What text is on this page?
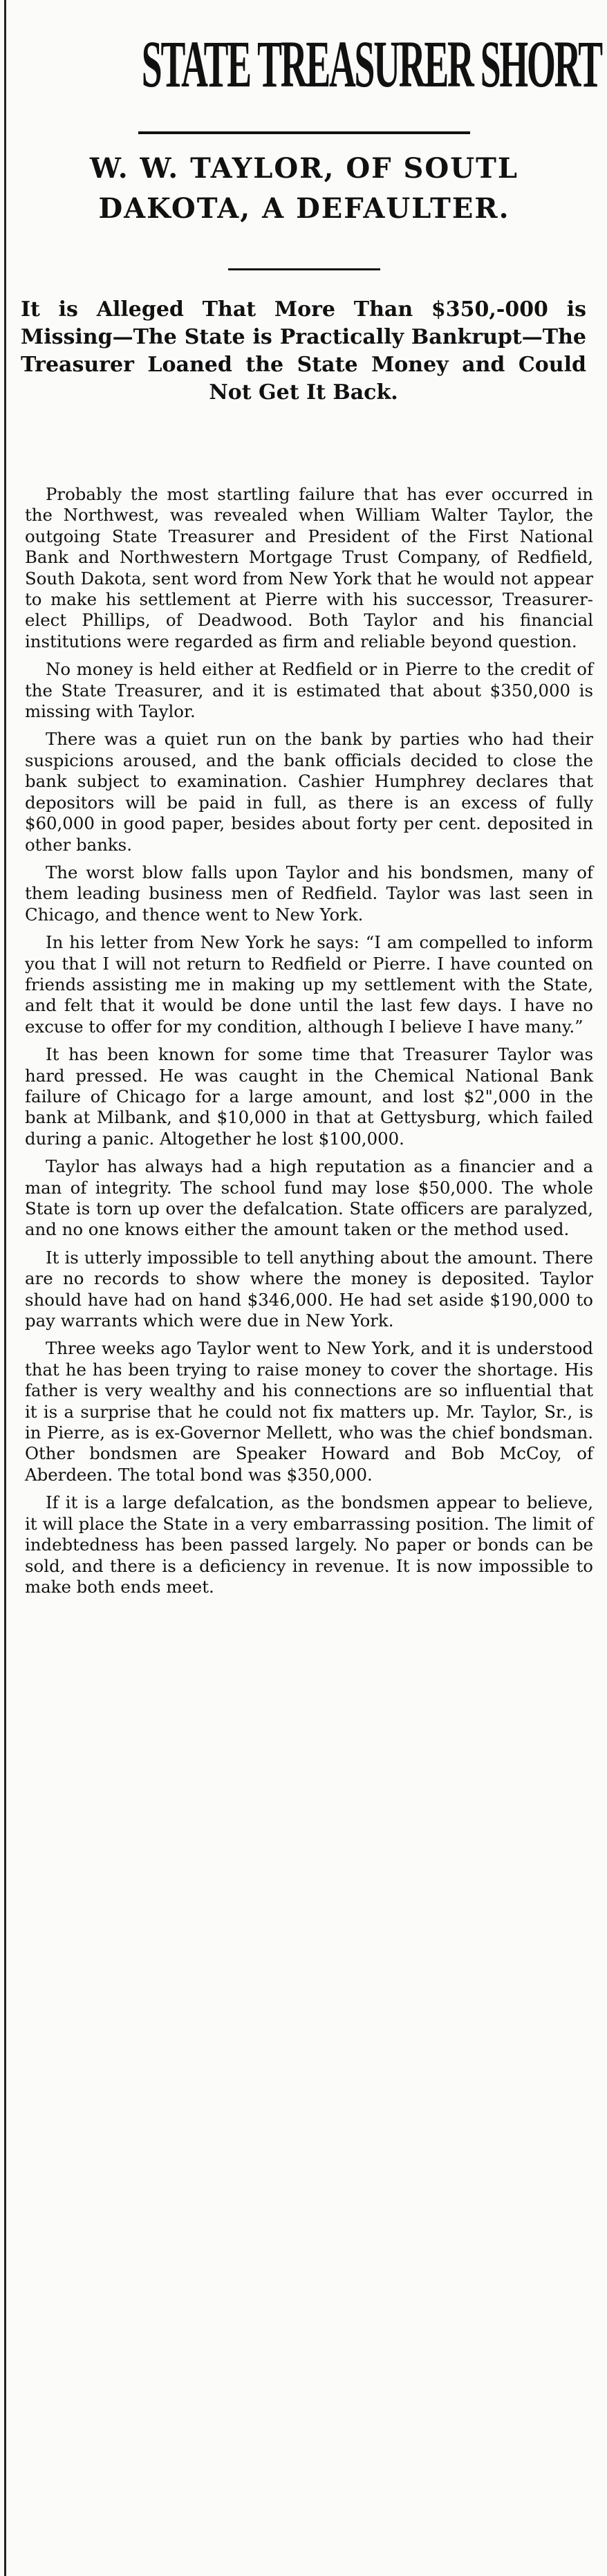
STATE TREASURER SHORT
W. W. TAYLOR, OF SOUTL
DAKOTA, A DEFAULTER.
It is Alleged That More Than $350,-000 is Missing—The State is Practically Bankrupt—The Treasurer Loaned the State Money and Could Not Get It Back.

Probably the most startling failure that has ever occurred in the Northwest, was revealed when William Walter Taylor, the outgoing State Treasurer and President of the First National Bank and Northwestern Mortgage Trust Company, of Redfield, South Dakota, sent word from New York that he would not appear to make his settlement at Pierre with his successor, Treasurer-elect Phillips, of Deadwood. Both Taylor and his financial institutions were regarded as firm and reliable beyond question.

No money is held either at Redfield or in Pierre to the credit of the State Treasurer, and it is estimated that about $350,000 is missing with Taylor.

There was a quiet run on the bank by parties who had their suspicions aroused, and the bank officials decided to close the bank subject to examination. Cashier Humphrey declares that depositors will be paid in full, as there is an excess of fully $60,000 in good paper, besides about forty per cent. deposited in other banks.

The worst blow falls upon Taylor and his bondsmen, many of them leading business men of Redfield. Taylor was last seen in Chicago, and thence went to New York.

In his letter from New York he says: “I am compelled to inform you that I will not return to Redfield or Pierre. I have counted on friends assisting me in making up my settlement with the State, and felt that it would be done until the last few days. I have no excuse to offer for my condition, although I believe I have many.”

It has been known for some time that Treasurer Taylor was hard pressed. He was caught in the Chemical National Bank failure of Chicago for a large amount, and lost $2",000 in the bank at Milbank, and $10,000 in that at Gettysburg, which failed during a panic. Altogether he lost $100,000.

Taylor has always had a high reputation as a financier and a man of integrity. The school fund may lose $50,000. The whole State is torn up over the defalcation. State officers are paralyzed, and no one knows either the amount taken or the method used.

It is utterly impossible to tell anything about the amount. There are no records to show where the money is deposited. Taylor should have had on hand $346,000. He had set aside $190,000 to pay warrants which were due in New York.

Three weeks ago Taylor went to New York, and it is understood that he has been trying to raise money to cover the shortage. His father is very wealthy and his connections are so influential that it is a surprise that he could not fix matters up. Mr. Taylor, Sr., is in Pierre, as is ex-Governor Mellett, who was the chief bondsman. Other bondsmen are Speaker Howard and Bob McCoy, of Aberdeen. The total bond was $350,000.

If it is a large defalcation, as the bondsmen appear to believe, it will place the State in a very embarrassing position. The limit of indebtedness has been passed largely. No paper or bonds can be sold, and there is a deficiency in revenue. It is now impossible to make both ends meet.
